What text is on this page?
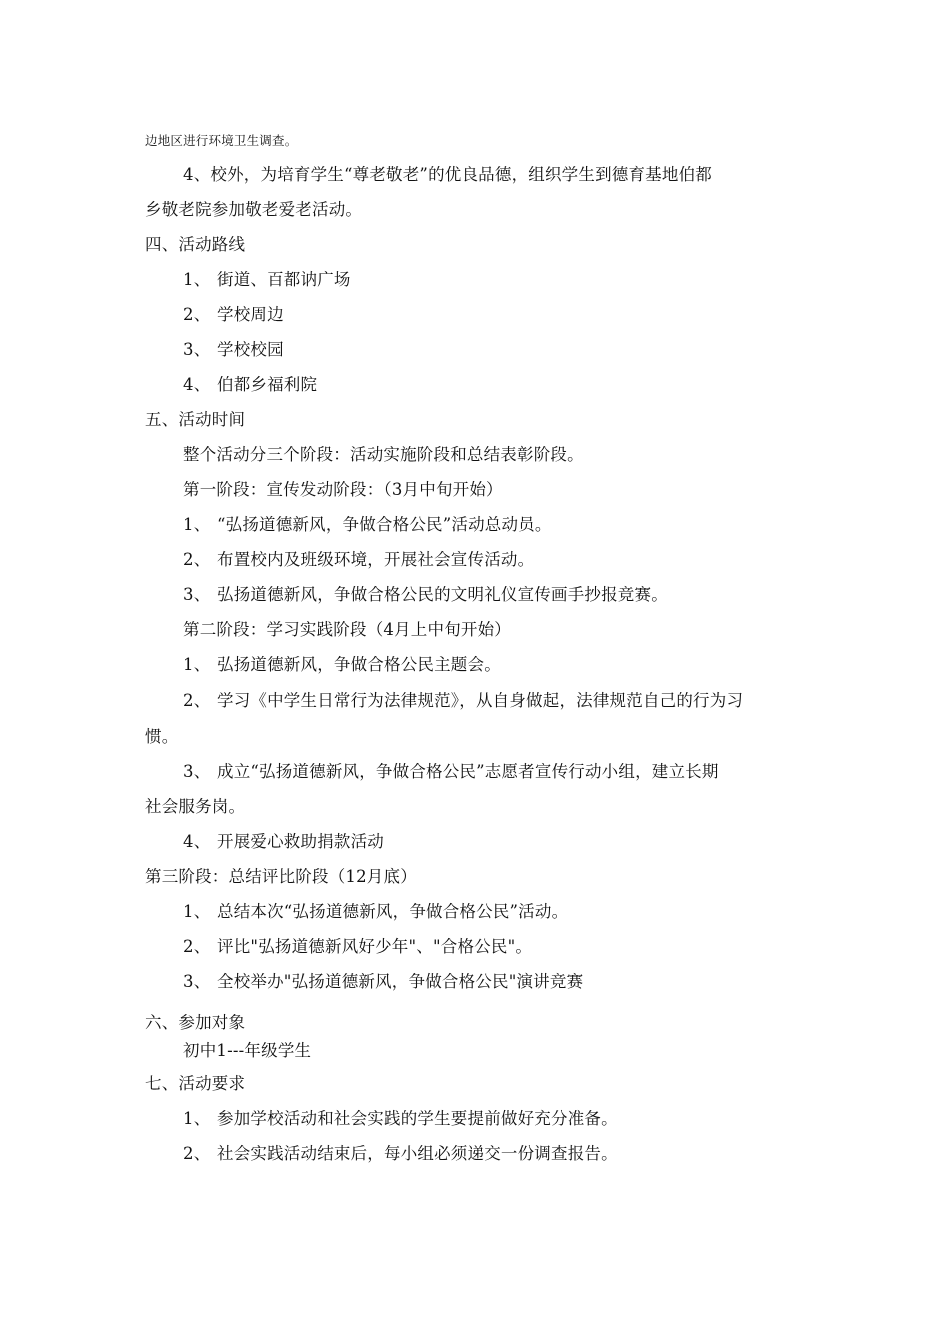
边地区进行环境卫生调查。
4、校外，为培育学生“尊老敬老”的优良品德，组织学生到德育基地伯都
乡敬老院参加敬老爱老活动。
四、活动路线
1、 街道、百都讷广场
2、 学校周边
3、 学校校园
4、 伯都乡福利院
五、活动时间
整个活动分三个阶段：活动实施阶段和总结表彰阶段。
第一阶段：宣传发动阶段：（3月中旬开始）
1、 “弘扬道德新风，争做合格公民”活动总动员。
2、 布置校内及班级环境，开展社会宣传活动。
3、 弘扬道德新风，争做合格公民的文明礼仪宣传画手抄报竞赛。
第二阶段：学习实践阶段（4月上中旬开始）
1、 弘扬道德新风，争做合格公民主题会。
2、 学习《中学生日常行为法律规范》，从自身做起，法律规范自己的行为习
惯。
3、 成立“弘扬道德新风，争做合格公民”志愿者宣传行动小组，建立长期
社会服务岗。
4、 开展爱心救助捐款活动
第三阶段：总结评比阶段（12月底）
1、 总结本次“弘扬道德新风，争做合格公民”活动。
2、 评比"弘扬道德新风好少年"、"合格公民"。
3、 全校举办"弘扬道德新风，争做合格公民"演讲竞赛
六、参加对象
初中1---年级学生
七、活动要求
1、 参加学校活动和社会实践的学生要提前做好充分准备。
2、 社会实践活动结束后，每小组必须递交一份调查报告。
